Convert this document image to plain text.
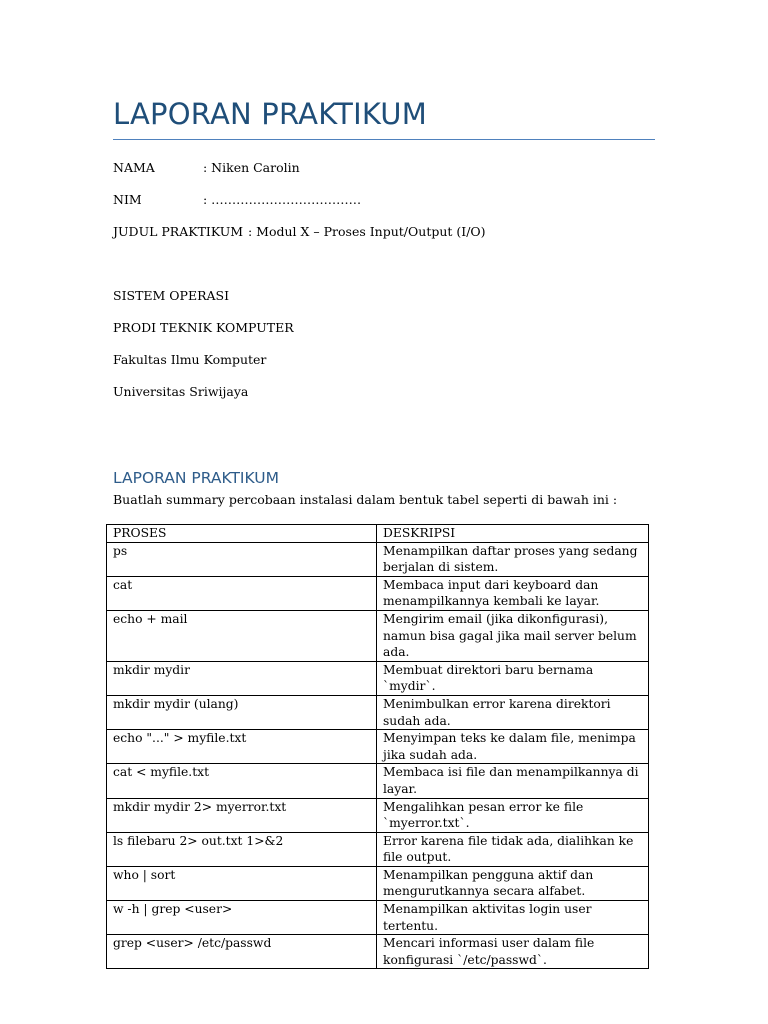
LAPORAN PRAKTIKUM
NAMA	: Niken Carolin
NIM	: ………………………………
JUDUL PRAKTIKUM : Modul X – Proses Input/Output (I/O)
SISTEM OPERASI
PRODI TEKNIK KOMPUTER
Fakultas Ilmu Komputer
Universitas Sriwijaya
LAPORAN PRAKTIKUM
Buatlah summary percobaan instalasi dalam bentuk tabel seperti di bawah ini :
PROSES	DESKRIPSI
ps	Menampilkan daftar proses yang sedang berjalan di sistem.
cat	Membaca input dari keyboard dan menampilkannya kembali ke layar.
echo + mail	Mengirim email (jika dikonfigurasi), namun bisa gagal jika mail server belum ada.
mkdir mydir	Membuat direktori baru bernama `mydir`.
mkdir mydir (ulang)	Menimbulkan error karena direktori sudah ada.
echo "..." > myfile.txt	Menyimpan teks ke dalam file, menimpa jika sudah ada.
cat < myfile.txt	Membaca isi file dan menampilkannya di layar.
mkdir mydir 2> myerror.txt	Mengalihkan pesan error ke file `myerror.txt`.
ls filebaru 2> out.txt 1>&2	Error karena file tidak ada, dialihkan ke file output.
who | sort	Menampilkan pengguna aktif dan mengurutkannya secara alfabet.
w -h | grep <user>	Menampilkan aktivitas login user tertentu.
grep <user> /etc/passwd	Mencari informasi user dalam file konfigurasi `/etc/passwd`.
